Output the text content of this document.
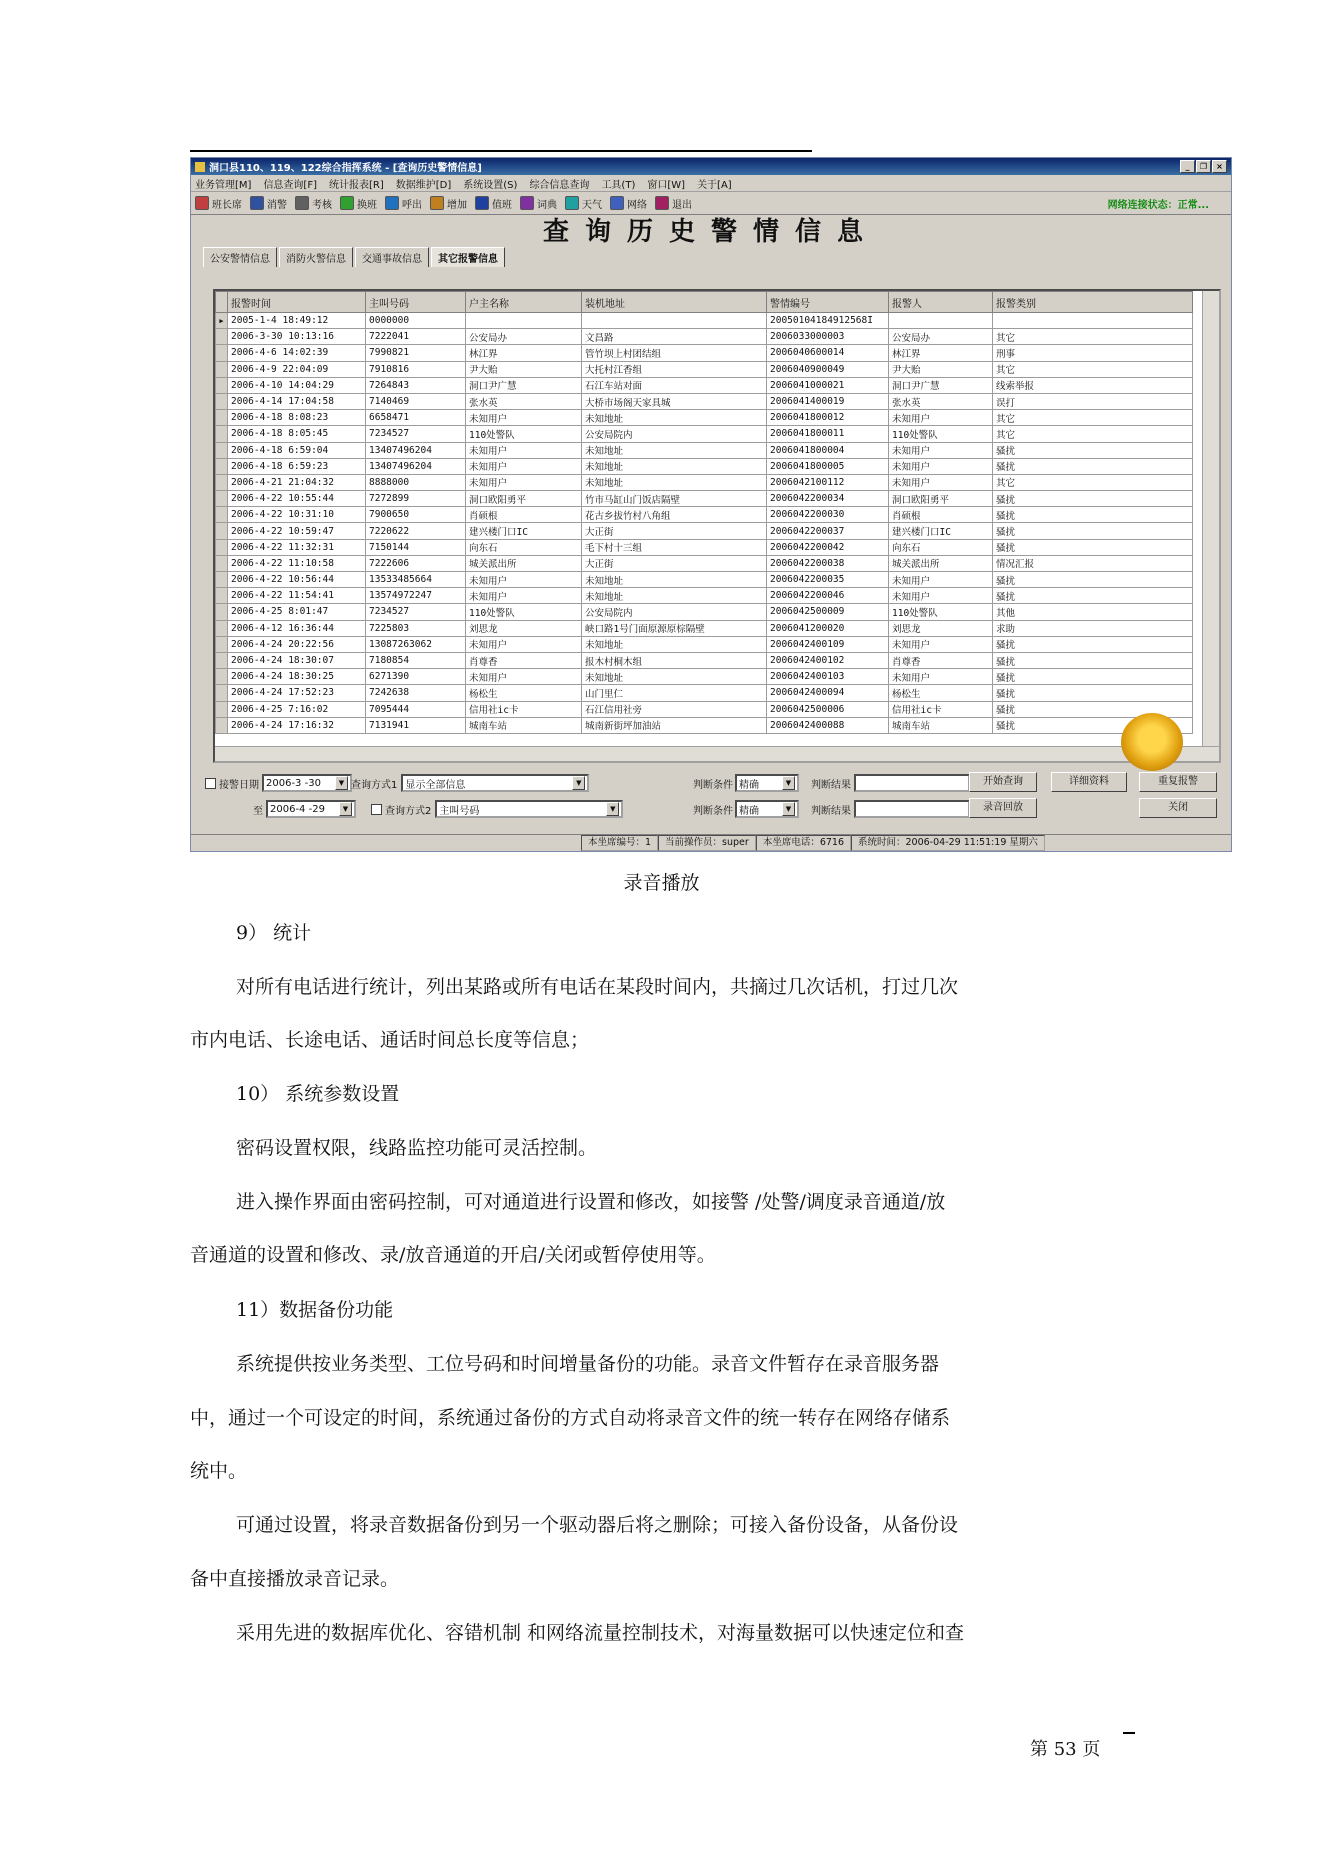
洞口县110、119、122综合指挥系统 - [查询历史警情信息]	_	❐	×
业务管理[M] 信息查询[F] 统计报表[R] 数据维护[D] 系统设置(S) 综合信息查询 工具(T) 窗口[W] 关于[A]
班长席	消警	考核	换班	呼出	增加	值班	词典	天气	网络	退出	网络连接状态：正常...
查询历史警情信息
公安警情信息	消防火警信息	交通事故信息	其它报警信息
	报警时间	主叫号码	户主名称	装机地址	警情编号	报警人	报警类别
▶	2005-1-4 18:49:12	0000000			20050104184912568I		
	2006-3-30 10:13:16	7222041	公安局办	文昌路	2006033000003	公安局办	其它
	2006-4-6 14:02:39	7990821	林江界	管竹坝上村团结组	2006040600014	林江界	刑事
	2006-4-9 22:04:09	7910816	尹大贻	大托村江香组	2006040900049	尹大贻	其它
	2006-4-10 14:04:29	7264843	洞口尹广慧	石江车站对面	2006041000021	洞口尹广慧	线索举报
	2006-4-14 17:04:58	7140469	张水英	大桥市场阁天家具城	2006041400019	张水英	误打
	2006-4-18 8:08:23	6658471	未知用户	未知地址	2006041800012	未知用户	其它
	2006-4-18 8:05:45	7234527	110处警队	公安局院内	2006041800011	110处警队	其它
	2006-4-18 6:59:04	13407496204	未知用户	未知地址	2006041800004	未知用户	骚扰
	2006-4-18 6:59:23	13407496204	未知用户	未知地址	2006041800005	未知用户	骚扰
	2006-4-21 21:04:32	8888000	未知用户	未知地址	2006042100112	未知用户	其它
	2006-4-22 10:55:44	7272899	洞口欧阳勇平	竹市马缸山门饭店隔壁	2006042200034	洞口欧阳勇平	骚扰
	2006-4-22 10:31:10	7900650	肖硕根	花古乡拔竹村八角组	2006042200030	肖硕根	骚扰
	2006-4-22 10:59:47	7220622	建兴楼门口IC	大正街	2006042200037	建兴楼门口IC	骚扰
	2006-4-22 11:32:31	7150144	向东石	毛下村十三组	2006042200042	向东石	骚扰
	2006-4-22 11:10:58	7222606	城关派出所	大正街	2006042200038	城关派出所	情况汇报
	2006-4-22 10:56:44	13533485664	未知用户	未知地址	2006042200035	未知用户	骚扰
	2006-4-22 11:54:41	13574972247	未知用户	未知地址	2006042200046	未知用户	骚扰
	2006-4-25 8:01:47	7234527	110处警队	公安局院内	2006042500009	110处警队	其他
	2006-4-12 16:36:44	7225803	刘思龙	峡口路1号门面原源原棕隔壁	2006041200020	刘思龙	求助
	2006-4-24 20:22:56	13087263062	未知用户	未知地址	2006042400109	未知用户	骚扰
	2006-4-24 18:30:07	7180854	肖尊香	报木村桐木组	2006042400102	肖尊香	骚扰
	2006-4-24 18:30:25	6271390	未知用户	未知地址	2006042400103	未知用户	骚扰
	2006-4-24 17:52:23	7242638	杨松生	山门里仁	2006042400094	杨松生	骚扰
	2006-4-25 7:16:02	7095444	信用社ic卡	石江信用社旁	2006042500006	信用社ic卡	骚扰
	2006-4-24 17:16:32	7131941	城南车站	城南新街坪加油站	2006042400088	城南车站	骚扰
接警日期 2006-3 -30	▼ 查询方式1 显示全部信息	▼	判断条件 精确	▼	判断结果
至 2006-4 -29	▼	查询方式2 主叫号码	▼	判断条件 精确	▼	判断结果
开始查询	详细资料	重复报警
录音回放	关闭
本坐席编号：1	当前操作员：super	本坐席电话：6716	系统时间：2006-04-29 11:51:19 星期六
录音播放
9） 统计
对所有电话进行统计，列出某路或所有电话在某段时间内，共摘过几次话机，打过几次
市内电话、长途电话、通话时间总长度等信息；
10） 系统参数设置
密码设置权限，线路监控功能可灵活控制。
进入操作界面由密码控制，可对通道进行设置和修改，如接警 /处警/调度录音通道/放
音通道的设置和修改、录/放音通道的开启/关闭或暂停使用等。
11）数据备份功能
系统提供按业务类型、工位号码和时间增量备份的功能。录音文件暂存在录音服务器
中，通过一个可设定的时间，系统通过备份的方式自动将录音文件的统一转存在网络存储系
统中。
可通过设置，将录音数据备份到另一个驱动器后将之删除；可接入备份设备，从备份设
备中直接播放录音记录。
采用先进的数据库优化、容错机制 和网络流量控制技术，对海量数据可以快速定位和查
第 53 页
